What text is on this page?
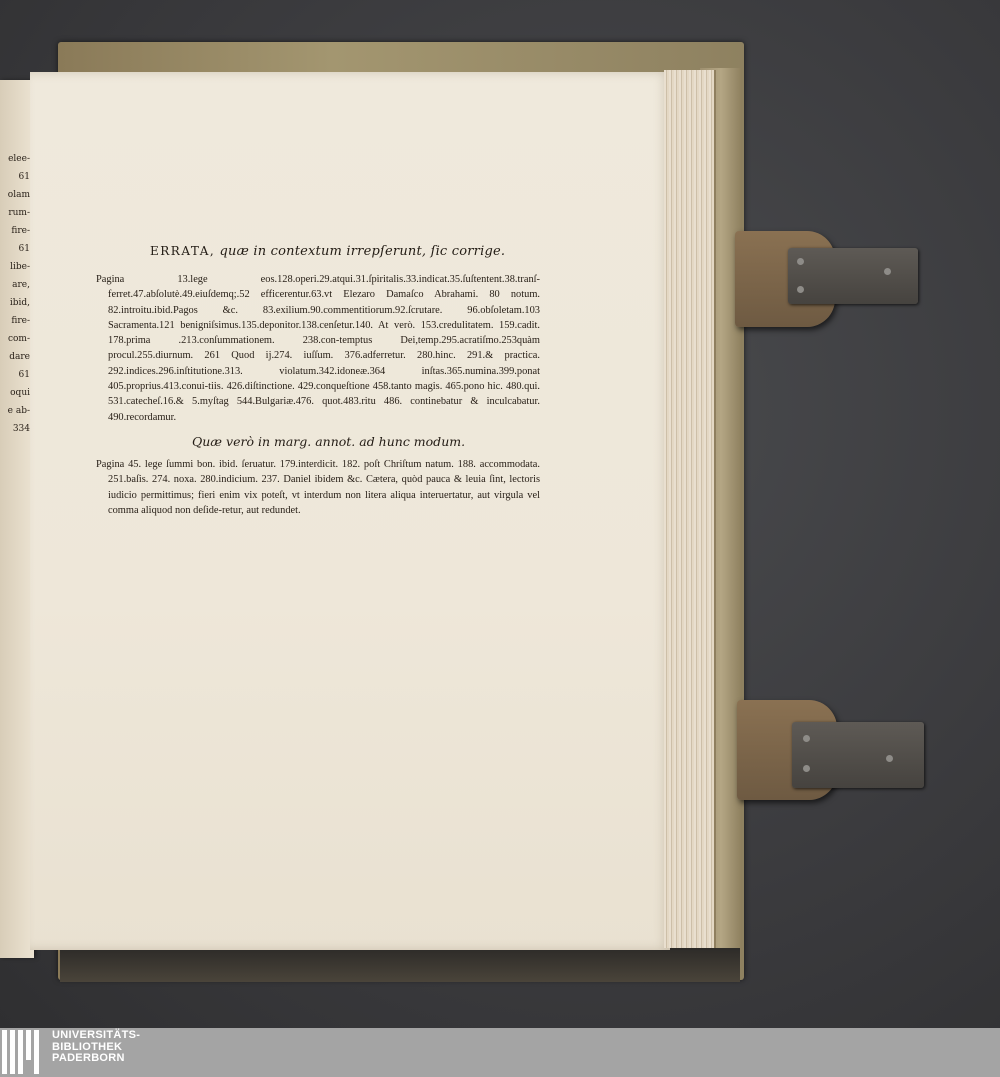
elee-
61
olam
rum-
fire-
61
libe-
are,
ibid,
fire-
com-
dare
61
oqui
e ab-
334
ERRATA, quæ in contextum irrepſerunt, ſic corrige.
Pagina 13.lege eos.128.operi.29.atqui.31.ſpiritalis.33.indicat.35.ſuſtentent.38.tranſ-ferret.47.abſolutè.49.eiuſdemq;.52 efficerentur.63.vt Elezaro Damaſco Abrahami. 80 notum. 82.introitu.ibid.Pagos &c. 83.exilium.90.commentitiorum.92.ſcrutare. 96.obſoletam.103 Sacramenta.121 benigniſsimus.135.deponitor.138.cenſetur.140. At verò. 153.credulitatem. 159.cadit. 178.prima .213.conſummationem. 238.con-temptus Dei,temp.295.acratiſmo.253quàm procul.255.diurnum. 261 Quod ij.274. iuſſum. 376.adferretur. 280.hinc. 291.& practica. 292.indices.296.inſtitutione.313. violatum.342.idoneæ.364 inſtas.365.numina.399.ponat 405.proprius.413.conui-tiis. 426.diſtinctione. 429.conqueſtione 458.tanto magis. 465.pono hic. 480.qui. 531.catecheſ.16.& 5.myſtag 544.Bulgariæ.476. quot.483.ritu 486. continebatur & inculcabatur. 490.recordamur.
Quæ verò in marg. annot. ad hunc modum.
Pagina 45. lege ſummi bon. ibid. ſeruatur. 179.interdicit. 182. poſt Chriſtum natum. 188. accommodata. 251.baſis. 274. noxa. 280.indicium. 237. Daniel ibidem &c. Cætera, quòd pauca & leuia ſint, lectoris iudicio permittimus; fieri enim vix poteſt, vt interdum non litera aliqua interuertatur, aut virgula vel comma aliquod non deſide-retur, aut redundet.
UNIVERSITÄTS-
BIBLIOTHEK
PADERBORN
